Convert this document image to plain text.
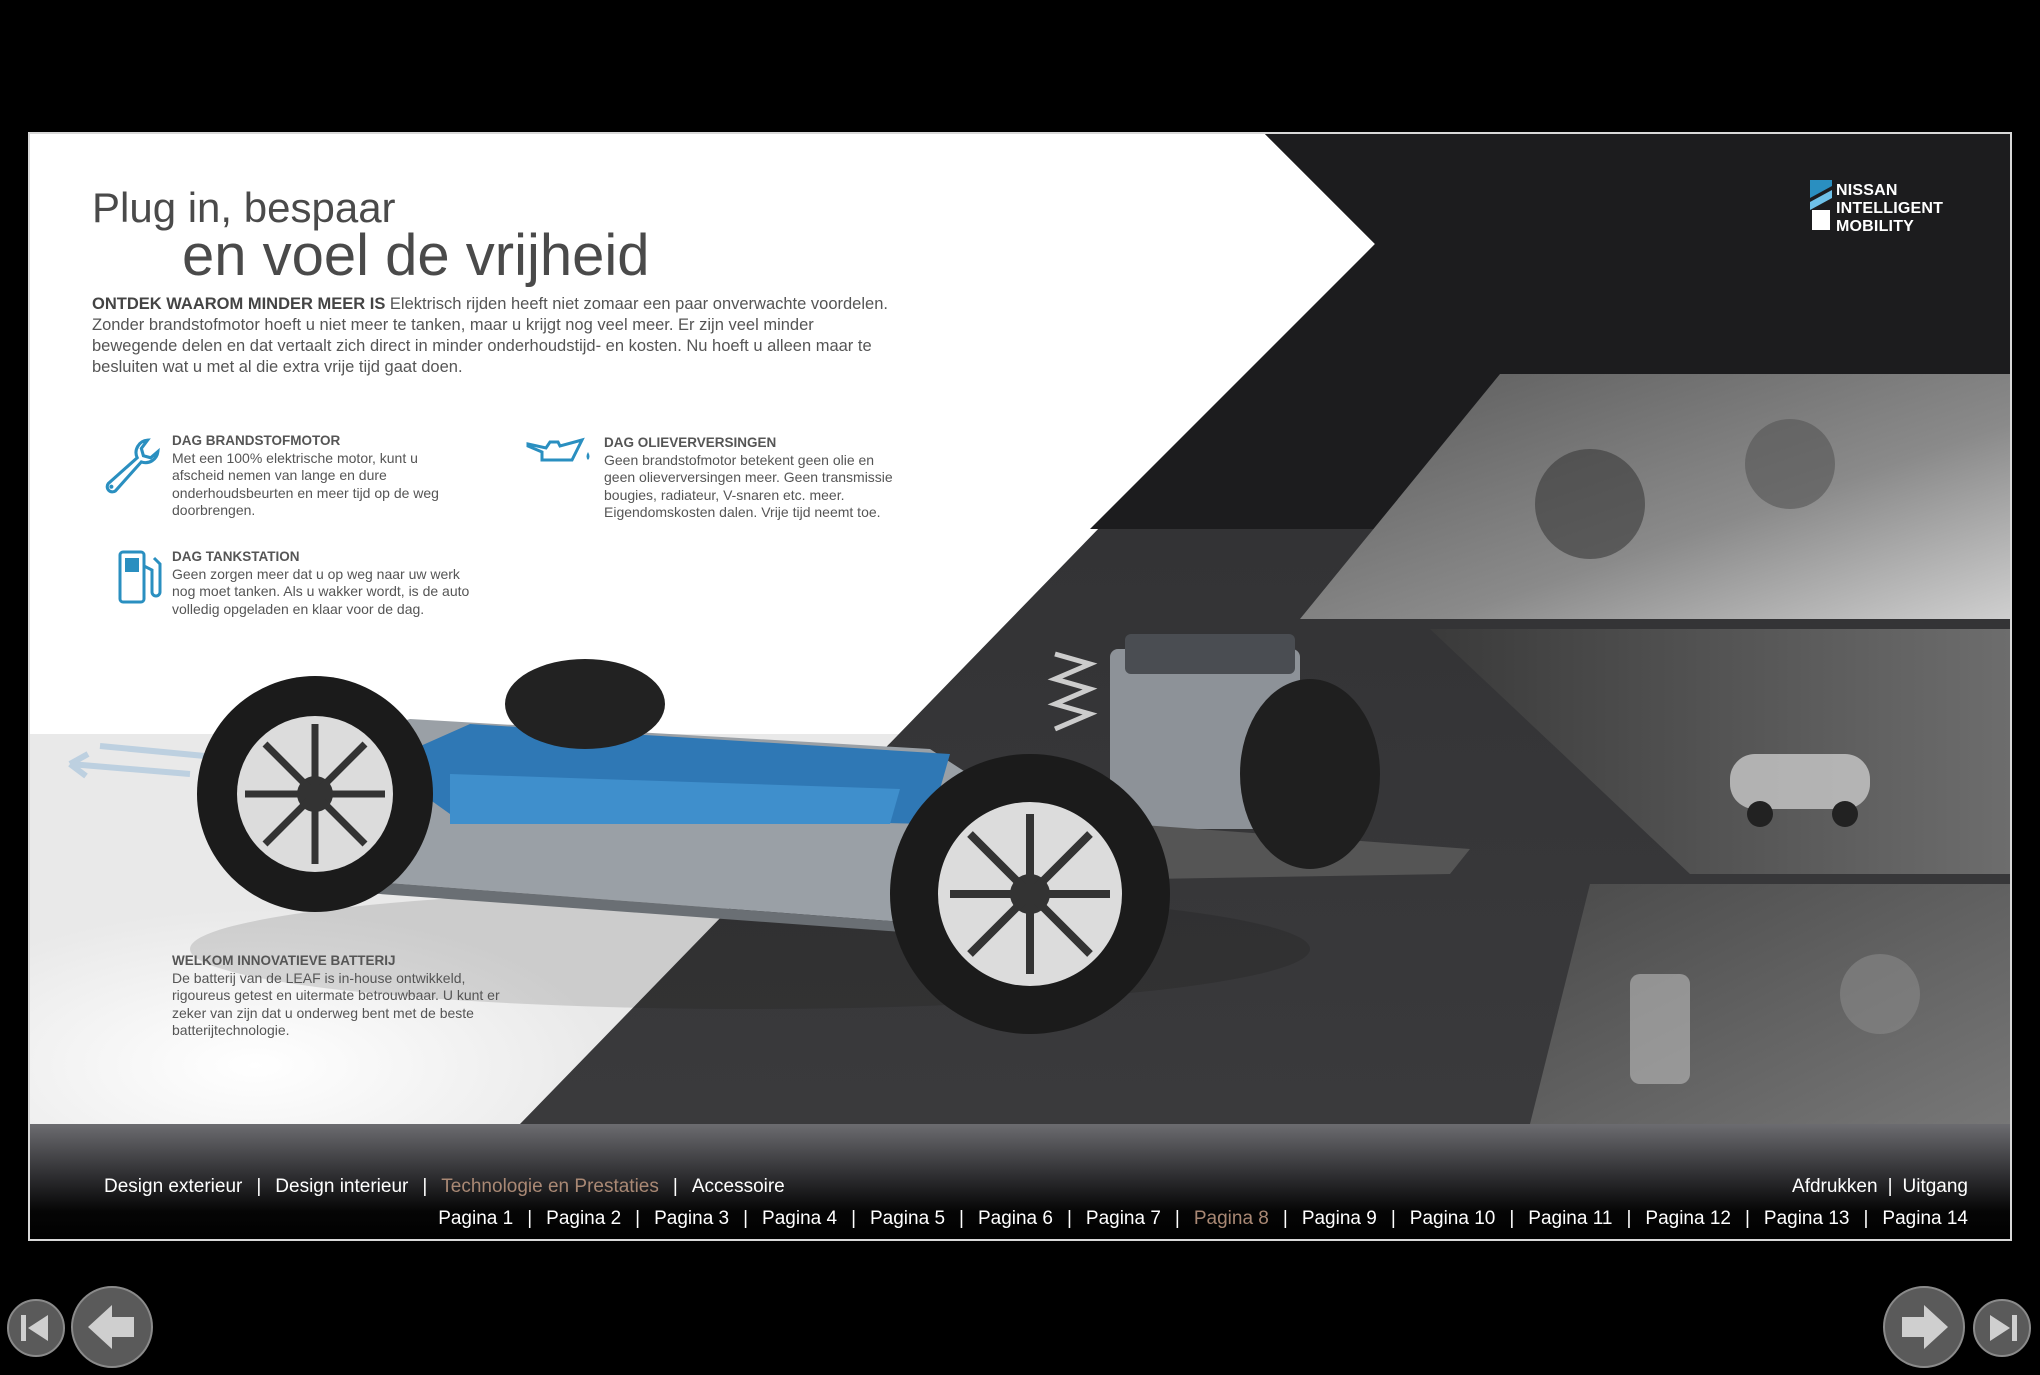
Plug in, bespaar
en voel de vrijheid
ONTDEK WAAROM MINDER MEER IS Elektrisch rijden heeft niet zomaar een paar onverwachte voordelen. Zonder brandstofmotor hoeft u niet meer te tanken, maar u krijgt nog veel meer. Er zijn veel minder bewegende delen en dat vertaalt zich direct in minder onderhoudstijd- en kosten. Nu hoeft u alleen maar te besluiten wat u met al die extra vrije tijd gaat doen.
DAG BRANDSTOFMOTOR
Met een 100% elektrische motor, kunt u afscheid nemen van lange en dure onderhoudsbeurten en meer tijd op de weg doorbrengen.
DAG OLIEVERVERSINGEN
Geen brandstofmotor betekent geen olie en geen olieverversingen meer. Geen transmissie bougies, radiateur, V-snaren etc. meer. Eigendomskosten dalen. Vrije tijd neemt toe.
DAG TANKSTATION
Geen zorgen meer dat u op weg naar uw werk nog moet tanken. Als u wakker wordt, is de auto volledig opgeladen en klaar voor de dag.
WELKOM INNOVATIEVE BATTERIJ
De batterij van de LEAF is in-house ontwikkeld, rigoureus getest en uitermate betrouwbaar. U kunt er zeker van zijn dat u onderweg bent met de beste batterijtechnologie.
NISSAN
INTELLIGENT
MOBILITY
Design exterieur | Design interieur | Technologie en Prestaties | Accessoire	Afdrukken | Uitgang
Pagina 1 | Pagina 2 | Pagina 3 | Pagina 4 | Pagina 5 | Pagina 6 | Pagina 7 | Pagina 8 | Pagina 9 | Pagina 10 | Pagina 11 | Pagina 12 | Pagina 13 | Pagina 14
